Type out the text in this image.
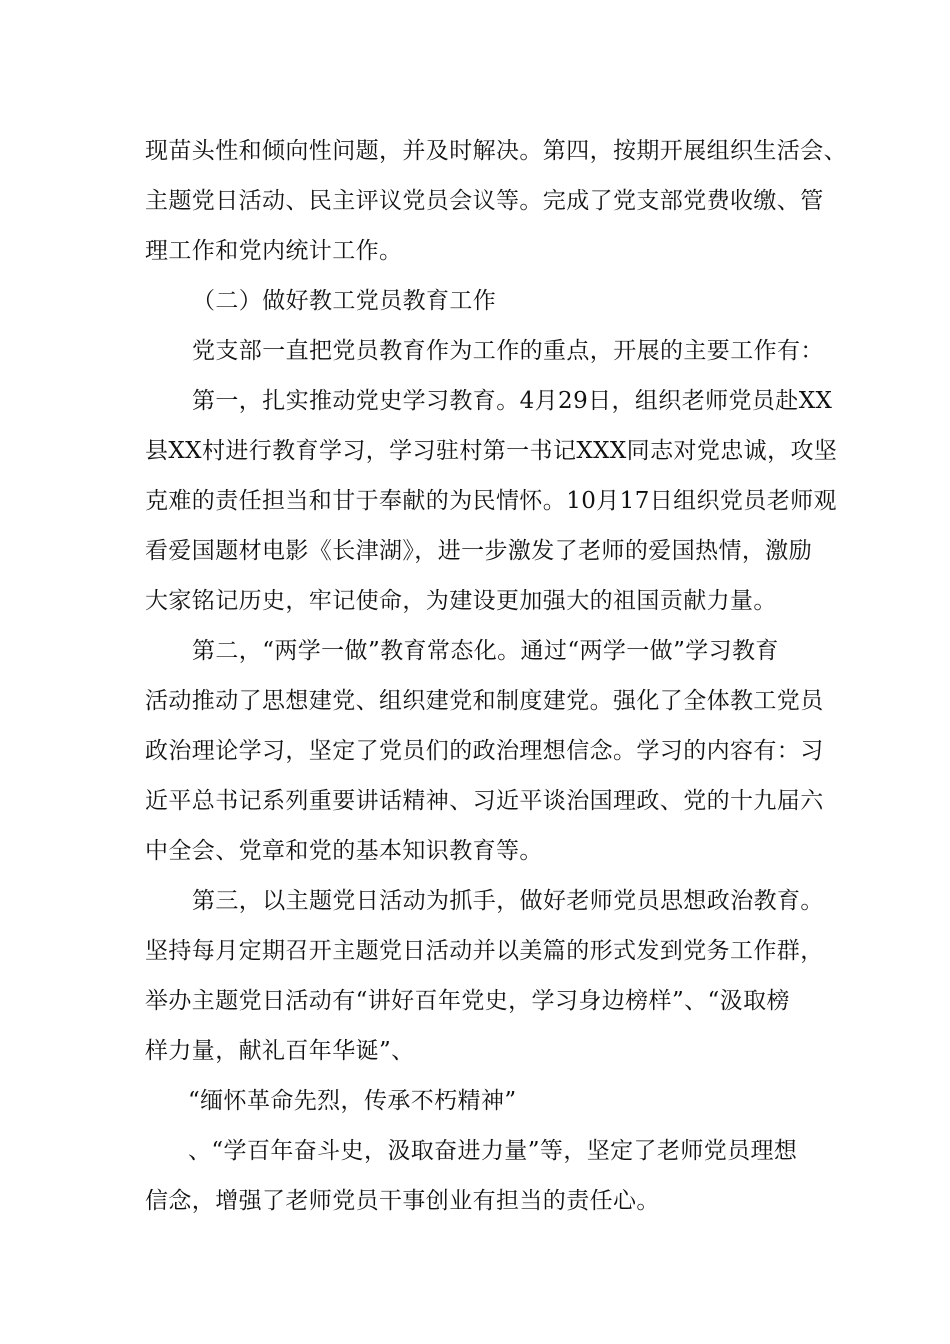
现苗头性和倾向性问题，并及时解决。第四，按期开展组织生活会、
主题党日活动、民主评议党员会议等。完成了党支部党费收缴、管
理工作和党内统计工作。
（二）做好教工党员教育工作
党支部一直把党员教育作为工作的重点，开展的主要工作有：
第一，扎实推动党史学习教育。4月29日，组织老师党员赴XX
县XX村进行教育学习，学习驻村第一书记XXX同志对党忠诚，攻坚
克难的责任担当和甘于奉献的为民情怀。10月17日组织党员老师观
看爱国题材电影《长津湖》，进一步激发了老师的爱国热情，激励
大家铭记历史，牢记使命，为建设更加强大的祖国贡献力量。
第二，“两学一做”教育常态化。通过“两学一做”学习教育
活动推动了思想建党、组织建党和制度建党。强化了全体教工党员
政治理论学习，坚定了党员们的政治理想信念。学习的内容有：习
近平总书记系列重要讲话精神、习近平谈治国理政、党的十九届六
中全会、党章和党的基本知识教育等。
第三，以主题党日活动为抓手，做好老师党员思想政治教育。
坚持每月定期召开主题党日活动并以美篇的形式发到党务工作群，
举办主题党日活动有“讲好百年党史，学习身边榜样”、“汲取榜
样力量，献礼百年华诞”、
“缅怀革命先烈，传承不朽精神”
、“学百年奋斗史，汲取奋进力量”等，坚定了老师党员理想
信念，增强了老师党员干事创业有担当的责任心。
